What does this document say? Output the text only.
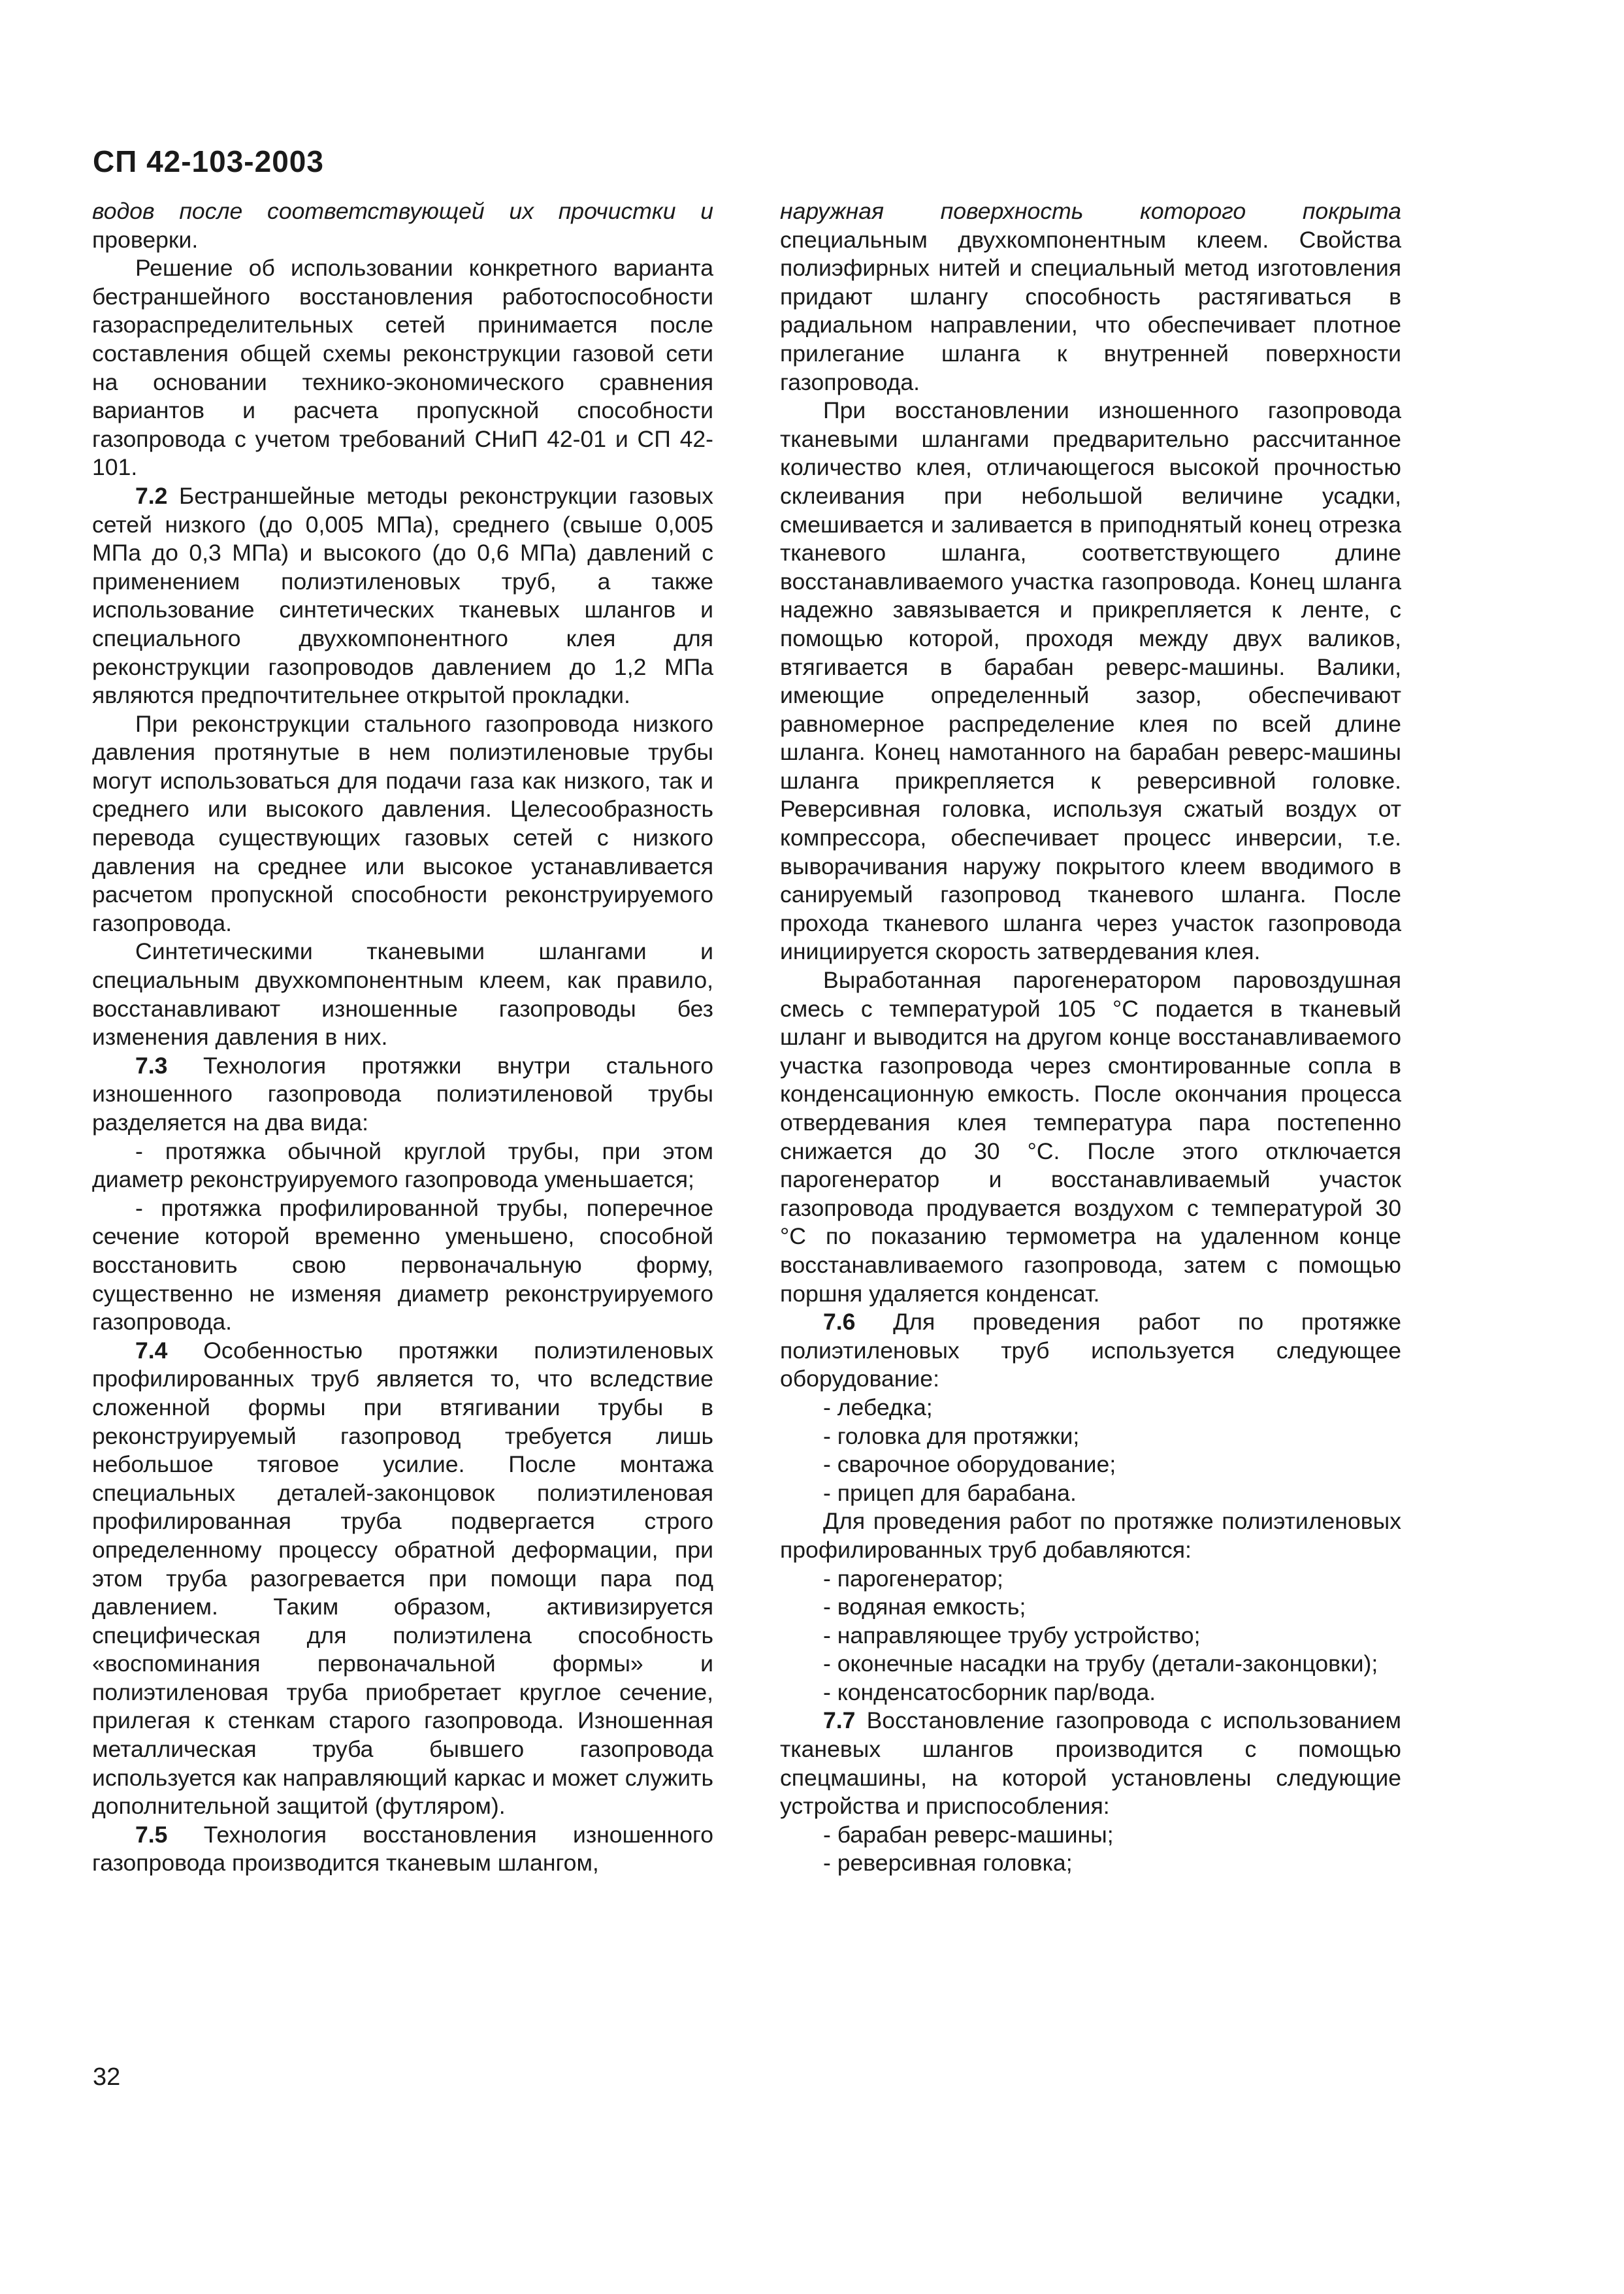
СП 42-103-2003

водов после соответствующей их прочистки и проверки.

Решение об использовании конкретного варианта бестраншейного восстановления работоспособности газораспределительных сетей принимается после составления общей схемы реконструкции газовой сети на основании технико-экономического сравнения вариантов и расчета пропускной способности газопровода с учетом требований СНиП 42-01 и СП 42-101.

7.2 Бестраншейные методы реконструкции газовых сетей низкого (до 0,005 МПа), среднего (свыше 0,005 МПа до 0,3 МПа) и высокого (до 0,6 МПа) давлений с применением полиэтиленовых труб, а также использование синтетических тканевых шлангов и специального двухкомпонентного клея для реконструкции газопроводов давлением до 1,2 МПа являются предпочтительнее открытой прокладки.

При реконструкции стального газопровода низкого давления протянутые в нем полиэтиленовые трубы могут использоваться для подачи газа как низкого, так и среднего или высокого давления. Целесообразность перевода существующих газовых сетей с низкого давления на среднее или высокое устанавливается расчетом пропускной способности реконструируемого газопровода.

Синтетическими тканевыми шлангами и специальным двухкомпонентным клеем, как правило, восстанавливают изношенные газопроводы без изменения давления в них.

7.3 Технология протяжки внутри стального изношенного газопровода полиэтиленовой трубы разделяется на два вида:

- протяжка обычной круглой трубы, при этом диаметр реконструируемого газопровода уменьшается;

- протяжка профилированной трубы, поперечное сечение которой временно уменьшено, способной восстановить свою первоначальную форму, существенно не изменяя диаметр реконструируемого газопровода.

7.4 Особенностью протяжки полиэтиленовых профилированных труб является то, что вследствие сложенной формы при втягивании трубы в реконструируемый газопровод требуется лишь небольшое тяговое усилие. После монтажа специальных деталей-законцовок полиэтиленовая профилированная труба подвергается строго определенному процессу обратной деформации, при этом труба разогревается при помощи пара под давлением. Таким образом, активизируется специфическая для полиэтилена способность «воспоминания первоначальной формы» и полиэтиленовая труба приобретает круглое сечение, прилегая к стенкам старого газопровода. Изношенная металлическая труба бывшего газопровода используется как направляющий каркас и может служить дополнительной защитой (футляром).

7.5 Технология восстановления изношенного газопровода производится тканевым шлангом,

наружная поверхность которого покрыта специальным двухкомпонентным клеем. Свойства полиэфирных нитей и специальный метод изготовления придают шлангу способность растягиваться в радиальном направлении, что обеспечивает плотное прилегание шланга к внутренней поверхности газопровода.

При восстановлении изношенного газопровода тканевыми шлангами предварительно рассчитанное количество клея, отличающегося высокой прочностью склеивания при небольшой величине усадки, смешивается и заливается в приподнятый конец отрезка тканевого шланга, соответствующего длине восстанавливаемого участка газопровода. Конец шланга надежно завязывается и прикрепляется к ленте, с помощью которой, проходя между двух валиков, втягивается в барабан реверс-машины. Валики, имеющие определенный зазор, обеспечивают равномерное распределение клея по всей длине шланга. Конец намотанного на барабан реверс-машины шланга прикрепляется к реверсивной головке. Реверсивная головка, используя сжатый воздух от компрессора, обеспечивает процесс инверсии, т.е. выворачивания наружу покрытого клеем вводимого в санируемый газопровод тканевого шланга. После прохода тканевого шланга через участок газопровода инициируется скорость затвердевания клея.

Выработанная парогенератором паровоздушная смесь с температурой 105 °С подается в тканевый шланг и выводится на другом конце восстанавливаемого участка газопровода через смонтированные сопла в конденсационную емкость. После окончания процесса отвердевания клея температура пара постепенно снижается до 30 °С. После этого отключается парогенератор и восстанавливаемый участок газопровода продувается воздухом с температурой 30 °С по показанию термометра на удаленном конце восстанавливаемого газопровода, затем с помощью поршня удаляется конденсат.

7.6 Для проведения работ по протяжке полиэтиленовых труб используется следующее оборудование:

- лебедка;

- головка для протяжки;

- сварочное оборудование;

- прицеп для барабана.

Для проведения работ по протяжке полиэтиленовых профилированных труб добавляются:

- парогенератор;

- водяная емкость;

- направляющее трубу устройство;

- оконечные насадки на трубу (детали-законцовки);

- конденсатосборник пар/вода.

7.7 Восстановление газопровода с использованием тканевых шлангов производится с помощью спецмашины, на которой установлены следующие устройства и приспособления:

- барабан реверс-машины;

- реверсивная головка;

32
